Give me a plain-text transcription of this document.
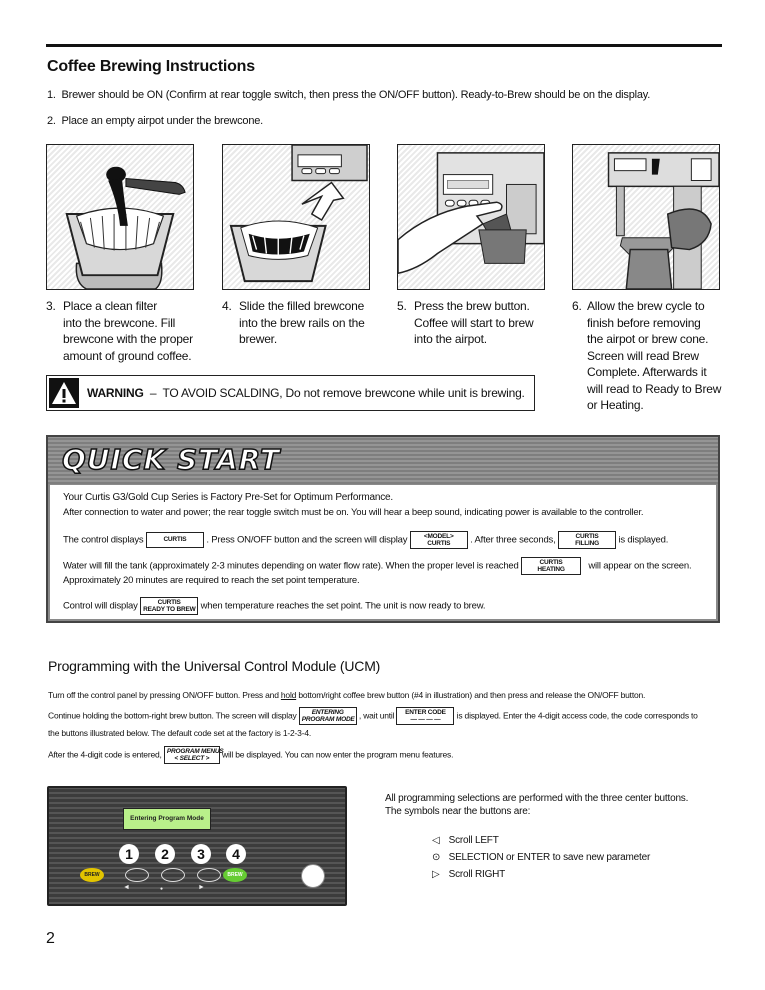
Coffee Brewing Instructions
1. Brewer should be ON (Confirm at rear toggle switch, then press the ON/OFF button). Ready-to-Brew should be on the display.
2. Place an empty airpot under the brewcone.
3. Place a clean filter
into the brewcone. Fill
brewcone with the proper
amount of ground coffee.
4. Slide the filled brewcone
into the brew rails on the
brewer.
5. Press the brew button.
Coffee will start to brew
into the airpot.
6. Allow the brew cycle to
finish before removing
the airpot or brew cone.
Screen will read Brew
Complete. Afterwards it
will read to Ready to Brew
or Heating.
WARNING – TO AVOID SCALDING, Do not remove brewcone while unit is brewing.
QUICK START
Your Curtis G3/Gold Cup Series is Factory Pre-Set for Optimum Performance.
After connection to water and power; the rear toggle switch must be on. You will hear a beep sound, indicating power is available to the controller.
The control displays	CURTIS . Press ON/OFF button and the screen will display	<MODEL>
CURTIS . After three seconds,	CURTIS
FILLING is displayed.
Water will fill the tank (approximately 2-3 minutes depending on water flow rate). When the proper level is reached	CURTIS
HEATING will appear on the screen.
Approximately 20 minutes are required to reach the set point temperature.
Control will display	CURTIS
READY TO BREW when temperature reaches the set point. The unit is now ready to brew.
Programming with the Universal Control Module (UCM)
Turn off the control panel by pressing ON/OFF button. Press and hold bottom/right coffee brew button (#4 in illustration) and then press and release the ON/OFF button.
Continue holding the bottom-right brew button. The screen will display ENTERING
PROGRAM MODE , wait until ENTER CODE
— — — — is displayed. Enter the 4-digit access code, the code corresponds to
the buttons illustrated below. The default code set at the factory is 1-2-3-4.
After the 4-digit code is entered, PROGRAM MENUS
< SELECT > will be displayed. You can now enter the program menu features.
Entering Program Mode
1	2	3	4
BREW	BREW
◄	●	►
All programming selections are performed with the three center buttons.
The symbols near the buttons are:
◁ Scroll LEFT
⊙ SELECTION or ENTER to save new parameter
▷ Scroll RIGHT
2
